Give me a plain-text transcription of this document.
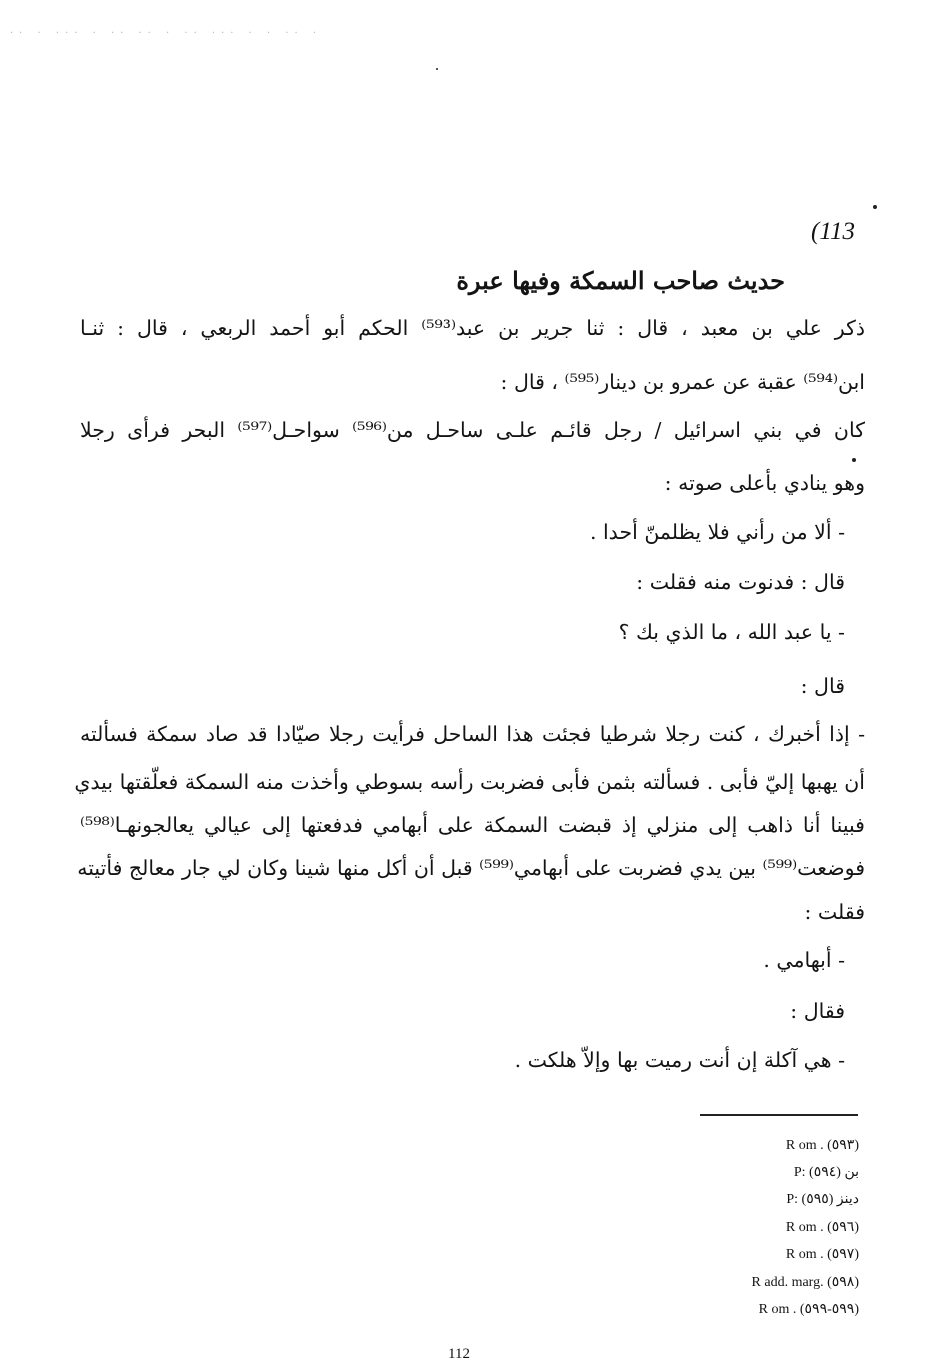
·· · ··· · ·· ·· · ·· ··· · · ·· ·
(113
حديث صاحب السمكة وفيها عبرة
ذكر علي بن معبد ، قال : ثنا جرير بن عبد⁽⁵⁹³⁾ الحكم أبو أحمد الربعي ، قال : ثنـا
ابن⁽⁵⁹⁴⁾ عقبة عن عمرو بن دينار⁽⁵⁹⁵⁾ ، قال :
كان في بني اسرائيل / رجل قائـم علـى ساحـل من⁽⁵⁹⁶⁾ سواحـل⁽⁵⁹⁷⁾ البحر فرأى رجلا
وهو ينادي بأعلى صوته :
- ألا من رأني فلا يظلمنّ أحدا .
قال : فدنوت منه فقلت :
- يا عبد الله ، ما الذي بك ؟
قال :
- إذا أخبرك ، كنت رجلا شرطيا فجئت هذا الساحل فرأيت رجلا صيّادا قد صاد سمكة فسألته
أن يهبها إليّ فأبى . فسألته بثمن فأبى فضربت رأسه بسوطي وأخذت منه السمكة فعلّقتها بيدي
فبينا أنا ذاهب إلى منزلي إذ قبضت السمكة على أبهامي فدفعتها إلى عيالي يعالجونهـا⁽⁵⁹⁸⁾
فوضعت⁽⁵⁹⁹⁾ بين يدي فضربت على أبهامي⁽⁵⁹⁹⁾ قبل أن أكل منها شينا وكان لي جار معالج فأتيته
فقلت :
- أبهامي .
فقال :
- هي آكلة إن أنت رميت بها وإلاّ هلكت .
R om . (٥٩٣)
P: بن (٥٩٤)
P: دينز (٥٩٥)
R om . (٥٩٦)
R om . (٥٩٧)
R add. marg. (٥٩٨)
R om . (٥٩٩-٥٩٩)
112
